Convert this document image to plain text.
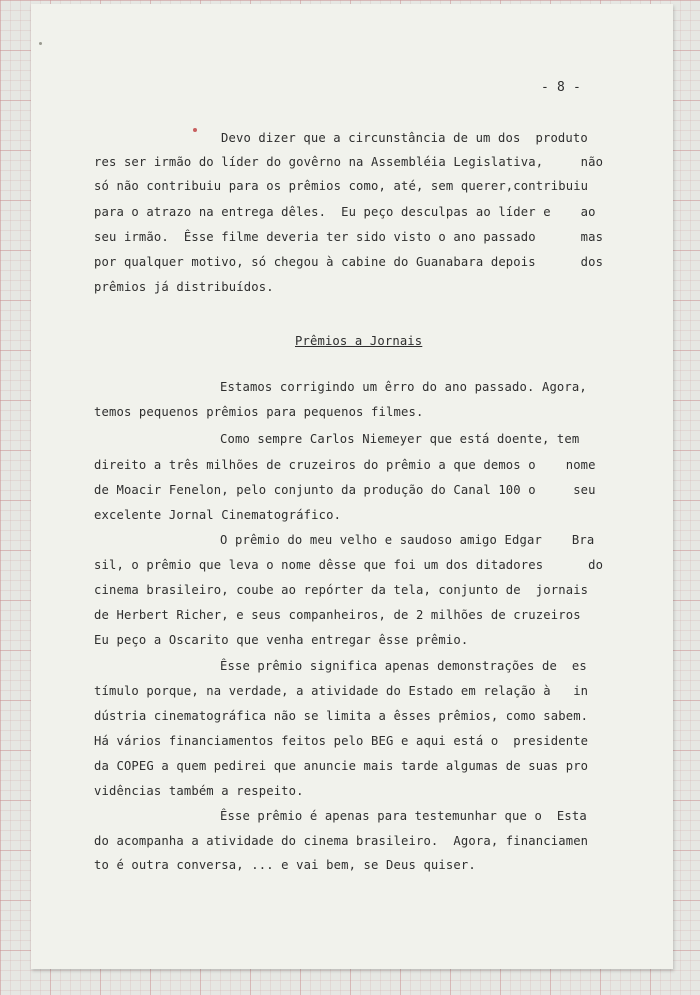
- 8 -
Devo dizer que a circunstância de um dos  produto
res ser irmão do líder do govêrno na Assembléia Legislativa,     não
só não contribuiu para os prêmios como, até, sem querer,contribuiu
para o atrazo na entrega dêles.  Eu peço desculpas ao líder e    ao
seu irmão.  Êsse filme deveria ter sido visto o ano passado      mas
por qualquer motivo, só chegou à cabine do Guanabara depois      dos
prêmios já distribuídos.
Prêmios a Jornais
Estamos corrigindo um êrro do ano passado. Agora,
temos pequenos prêmios para pequenos filmes.
Como sempre Carlos Niemeyer que está doente, tem
direito a três milhões de cruzeiros do prêmio a que demos o    nome
de Moacir Fenelon, pelo conjunto da produção do Canal 100 o     seu
excelente Jornal Cinematográfico.
O prêmio do meu velho e saudoso amigo Edgar    Bra
sil, o prêmio que leva o nome dêsse que foi um dos ditadores      do
cinema brasileiro, coube ao repórter da tela, conjunto de  jornais
de Herbert Richer, e seus companheiros, de 2 milhões de cruzeiros
Eu peço a Oscarito que venha entregar êsse prêmio.
Êsse prêmio significa apenas demonstrações de  es
tímulo porque, na verdade, a atividade do Estado em relação à   in
dústria cinematográfica não se limita a êsses prêmios, como sabem.
Há vários financiamentos feitos pelo BEG e aqui está o  presidente
da COPEG a quem pedirei que anuncie mais tarde algumas de suas pro
vidências também a respeito.
Êsse prêmio é apenas para testemunhar que o  Esta
do acompanha a atividade do cinema brasileiro.  Agora, financiamen
to é outra conversa, ... e vai bem, se Deus quiser.
